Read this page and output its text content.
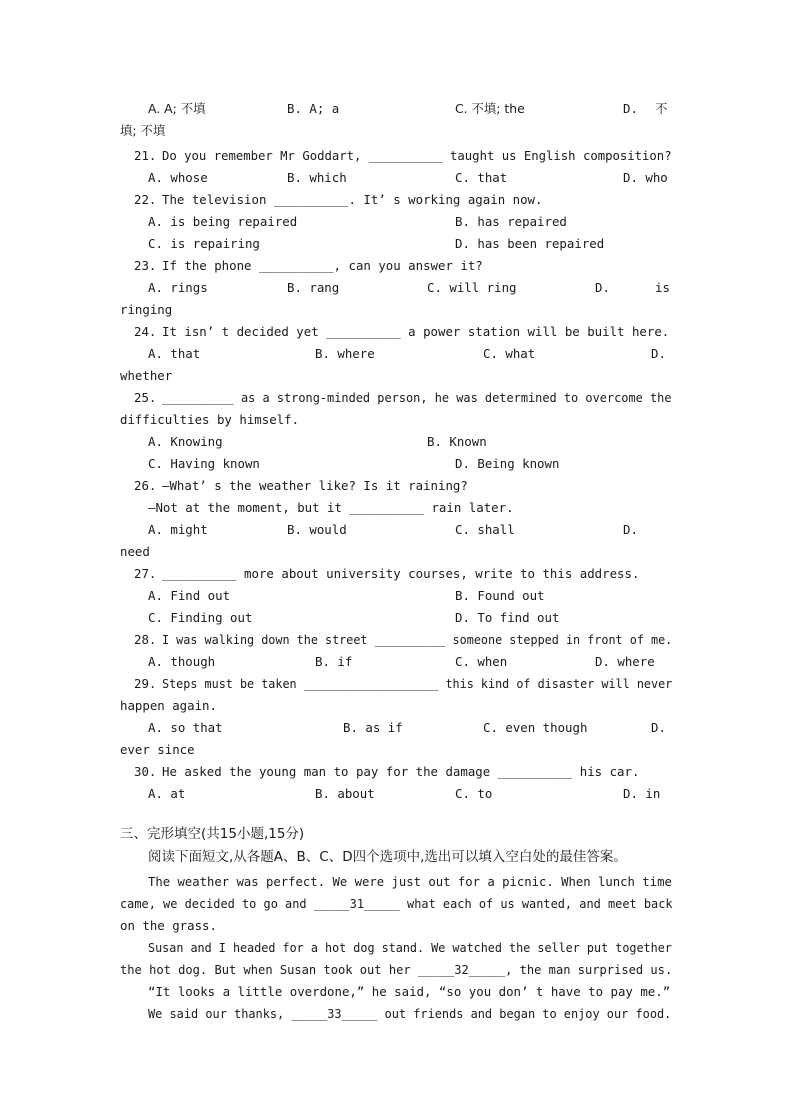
A. A; 不填	B. A; a	C. 不填; the	D. 不
填; 不填
21. Do you remember Mr Goddart, __________ taught us English composition?
A. whose	B. which	C. that	D. who
22. The television __________. It’ s working again now.
A. is being repaired	B. has repaired
C. is repairing	D. has been repaired
23. If the phone __________, can you answer it?
A. rings	B. rang	C. will ring	D.	is
ringing
24. It isn’ t decided yet __________ a power station will be built here.
A. that	B. where	C. what	D.
whether
25. __________ as a strong-minded person, he was determined to overcome the
difficulties by himself.
A. Knowing	B. Known
C. Having known	D. Being known
26. —What’ s the weather like? Is it raining?
—Not at the moment, but it __________ rain later.
A. might	B. would	C. shall	D.
need
27. __________ more about university courses, write to this address.
A. Find out	B. Found out
C. Finding out	D. To find out
28. I was walking down the street __________ someone stepped in front of me.
A. though	B. if	C. when	D. where
29. Steps must be taken ___________________ this kind of disaster will never
happen again.
A. so that	B. as if	C. even though	D.
ever since
30. He asked the young man to pay for the damage __________ his car.
A. at	B. about	C. to	D. in
三、完形填空(共15小题,15分)
阅读下面短文,从各题A、B、C、D四个选项中,选出可以填入空白处的最佳答案。
The weather was perfect. We were just out for a picnic. When lunch time
came, we decided to go and _____31_____ what each of us wanted, and meet back
on the grass.
Susan and I headed for a hot dog stand. We watched the seller put together
the hot dog. But when Susan took out her _____32_____, the man surprised us.
“It looks a little overdone,” he said, “so you don’ t have to pay me.”
We said our thanks, _____33_____ out friends and began to enjoy our food.
